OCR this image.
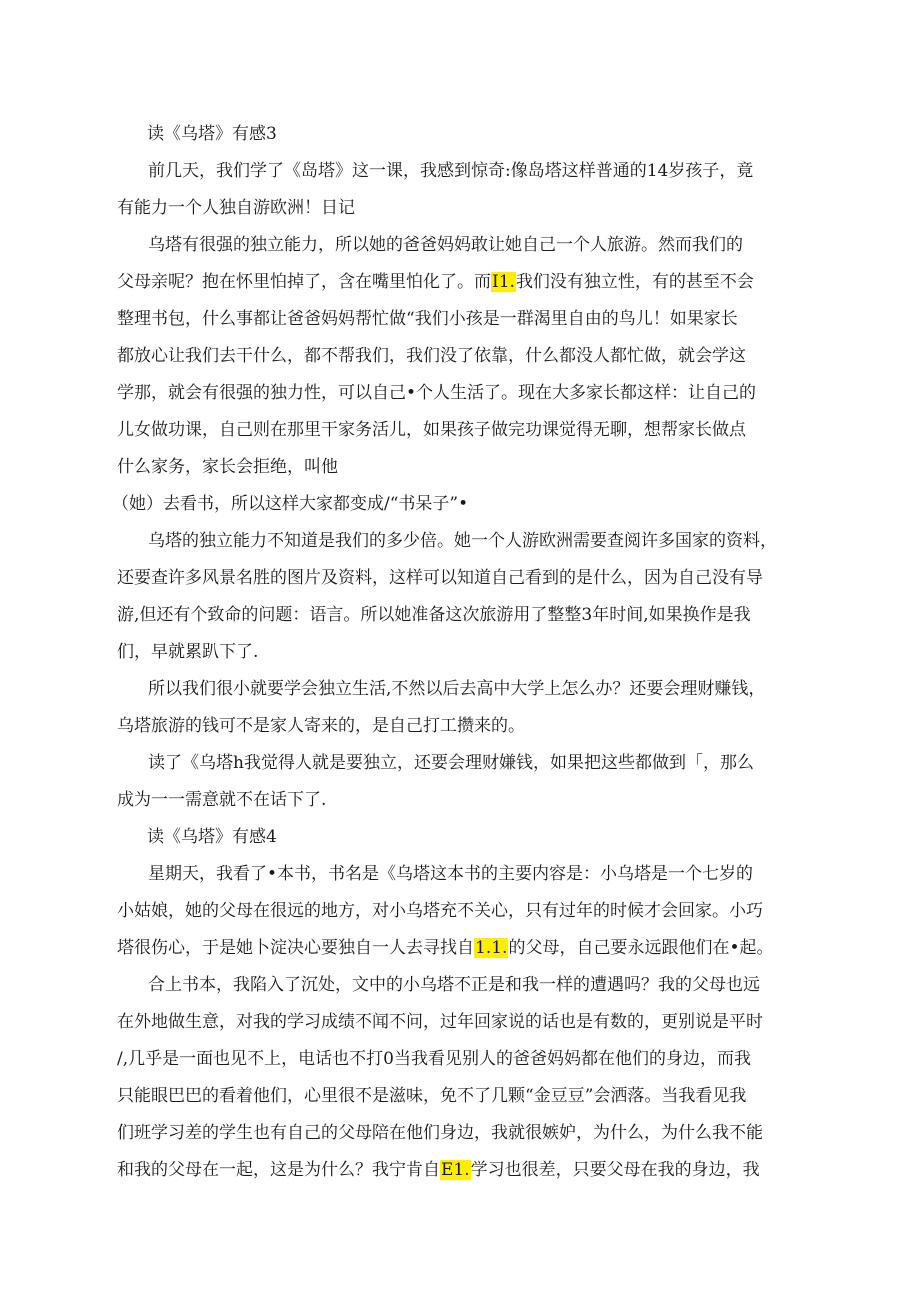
读《乌塔》有感3
前几天，我们学了《岛塔》这一课，我感到惊奇:像岛塔这样普通的14岁孩子，竟
有能力一个人独自游欧洲！日记
乌塔有很强的独立能力，所以她的爸爸妈妈敢让她自己一个人旅游。然而我们的
父母亲呢？抱在怀里怕掉了，含在嘴里怕化了。而I1.我们没有独立性，有的甚至不会
整理书包，什么事都让爸爸妈妈帮忙做“我们小孩是一群渴里自由的鸟儿！如果家长
都放心让我们去干什么，都不帮我们，我们没了依靠，什么都没人都忙做，就会学这
学那，就会有很强的独力性，可以自己•个人生活了。现在大多家长都这样：让自己的
儿女做功课，自己则在那里干家务活儿，如果孩子做完功课觉得无聊，想帮家长做点
什么家务，家长会拒绝，叫他
（她）去看书，所以这样大家都变成/“书呆子”•
乌塔的独立能力不知道是我们的多少倍。她一个人游欧洲需要查阅许多国家的资料，
还要查许多风景名胜的图片及资料，这样可以知道自己看到的是什么，因为自己没有导
游,但还有个致命的问题：语言。所以她准备这次旅游用了整整3年时间,如果换作是我
们，早就累趴下了.
所以我们很小就要学会独立生活,不然以后去高中大学上怎么办？还要会理财赚钱，
乌塔旅游的钱可不是家人寄来的，是自己打工攒来的。
读了《乌塔h我觉得人就是要独立，还要会理财嫌钱，如果把这些都做到「，那么
成为一一需意就不在话下了.
读《乌塔》有感4
星期天，我看了•本书，书名是《乌塔这本书的主要内容是：小乌塔是一个七岁的
小姑娘，她的父母在很远的地方，对小乌塔充不关心，只有过年的时候才会回家。小巧
塔很伤心，于是她卜淀决心要独自一人去寻找自1.1.的父母，自己要永远跟他们在•起。
合上书本，我陷入了沉处，文中的小乌塔不正是和我一样的遭遇吗？我的父母也远
在外地做生意，对我的学习成绩不闻不问，过年回家说的话也是有数的，更别说是平时
/,几乎是一面也见不上，电话也不打0当我看见别人的爸爸妈妈都在他们的身边，而我
只能眼巴巴的看着他们，心里很不是滋味，免不了几颗“金豆豆”会洒落。当我看见我
们班学习差的学生也有自己的父母陪在他们身边，我就很嫉妒，为什么，为什么我不能
和我的父母在一起，这是为什么？我宁肯自E1.学习也很差，只要父母在我的身边，我
